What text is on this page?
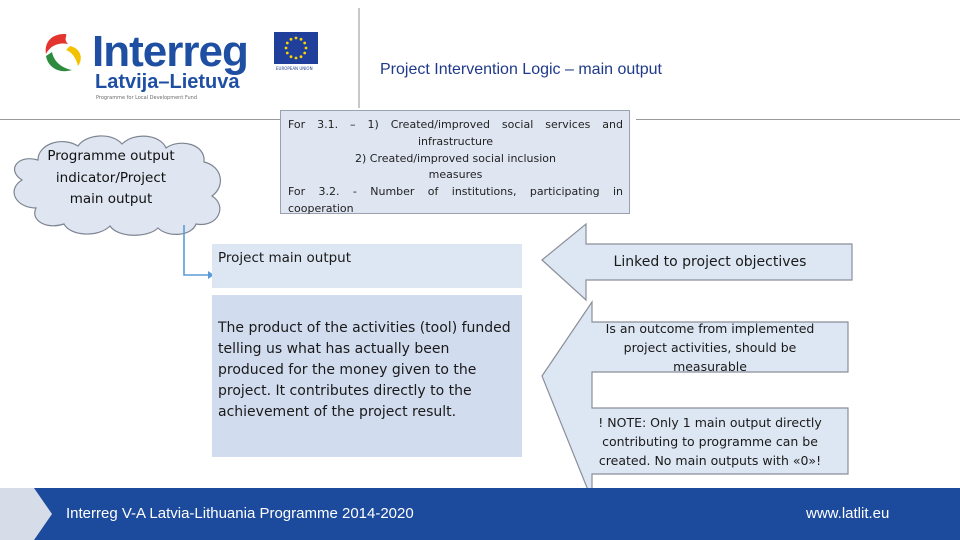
Interreg
Latvija–Lietuva
Programme for Local Development Fund
EUROPEAN UNION	Project Intervention Logic – main output
Programme output indicator/Project main output
For 3.1. – 1) Created/improved social services and
infrastructure
2) Created/improved social inclusion
measures
For 3.2. - Number of institutions, participating in
cooperation
Project main output
The product of the activities (tool) funded telling us what has actually been produced for the money given to the project. It contributes directly to the achievement of the project result.
Linked to project objectives
Is an outcome from implemented project activities, should be measurable
! NOTE: Only 1 main output directly contributing to programme can be created. No main outputs with «0»!
Interreg V-A Latvia-Lithuania Programme 2014-2020	www.latlit.eu
